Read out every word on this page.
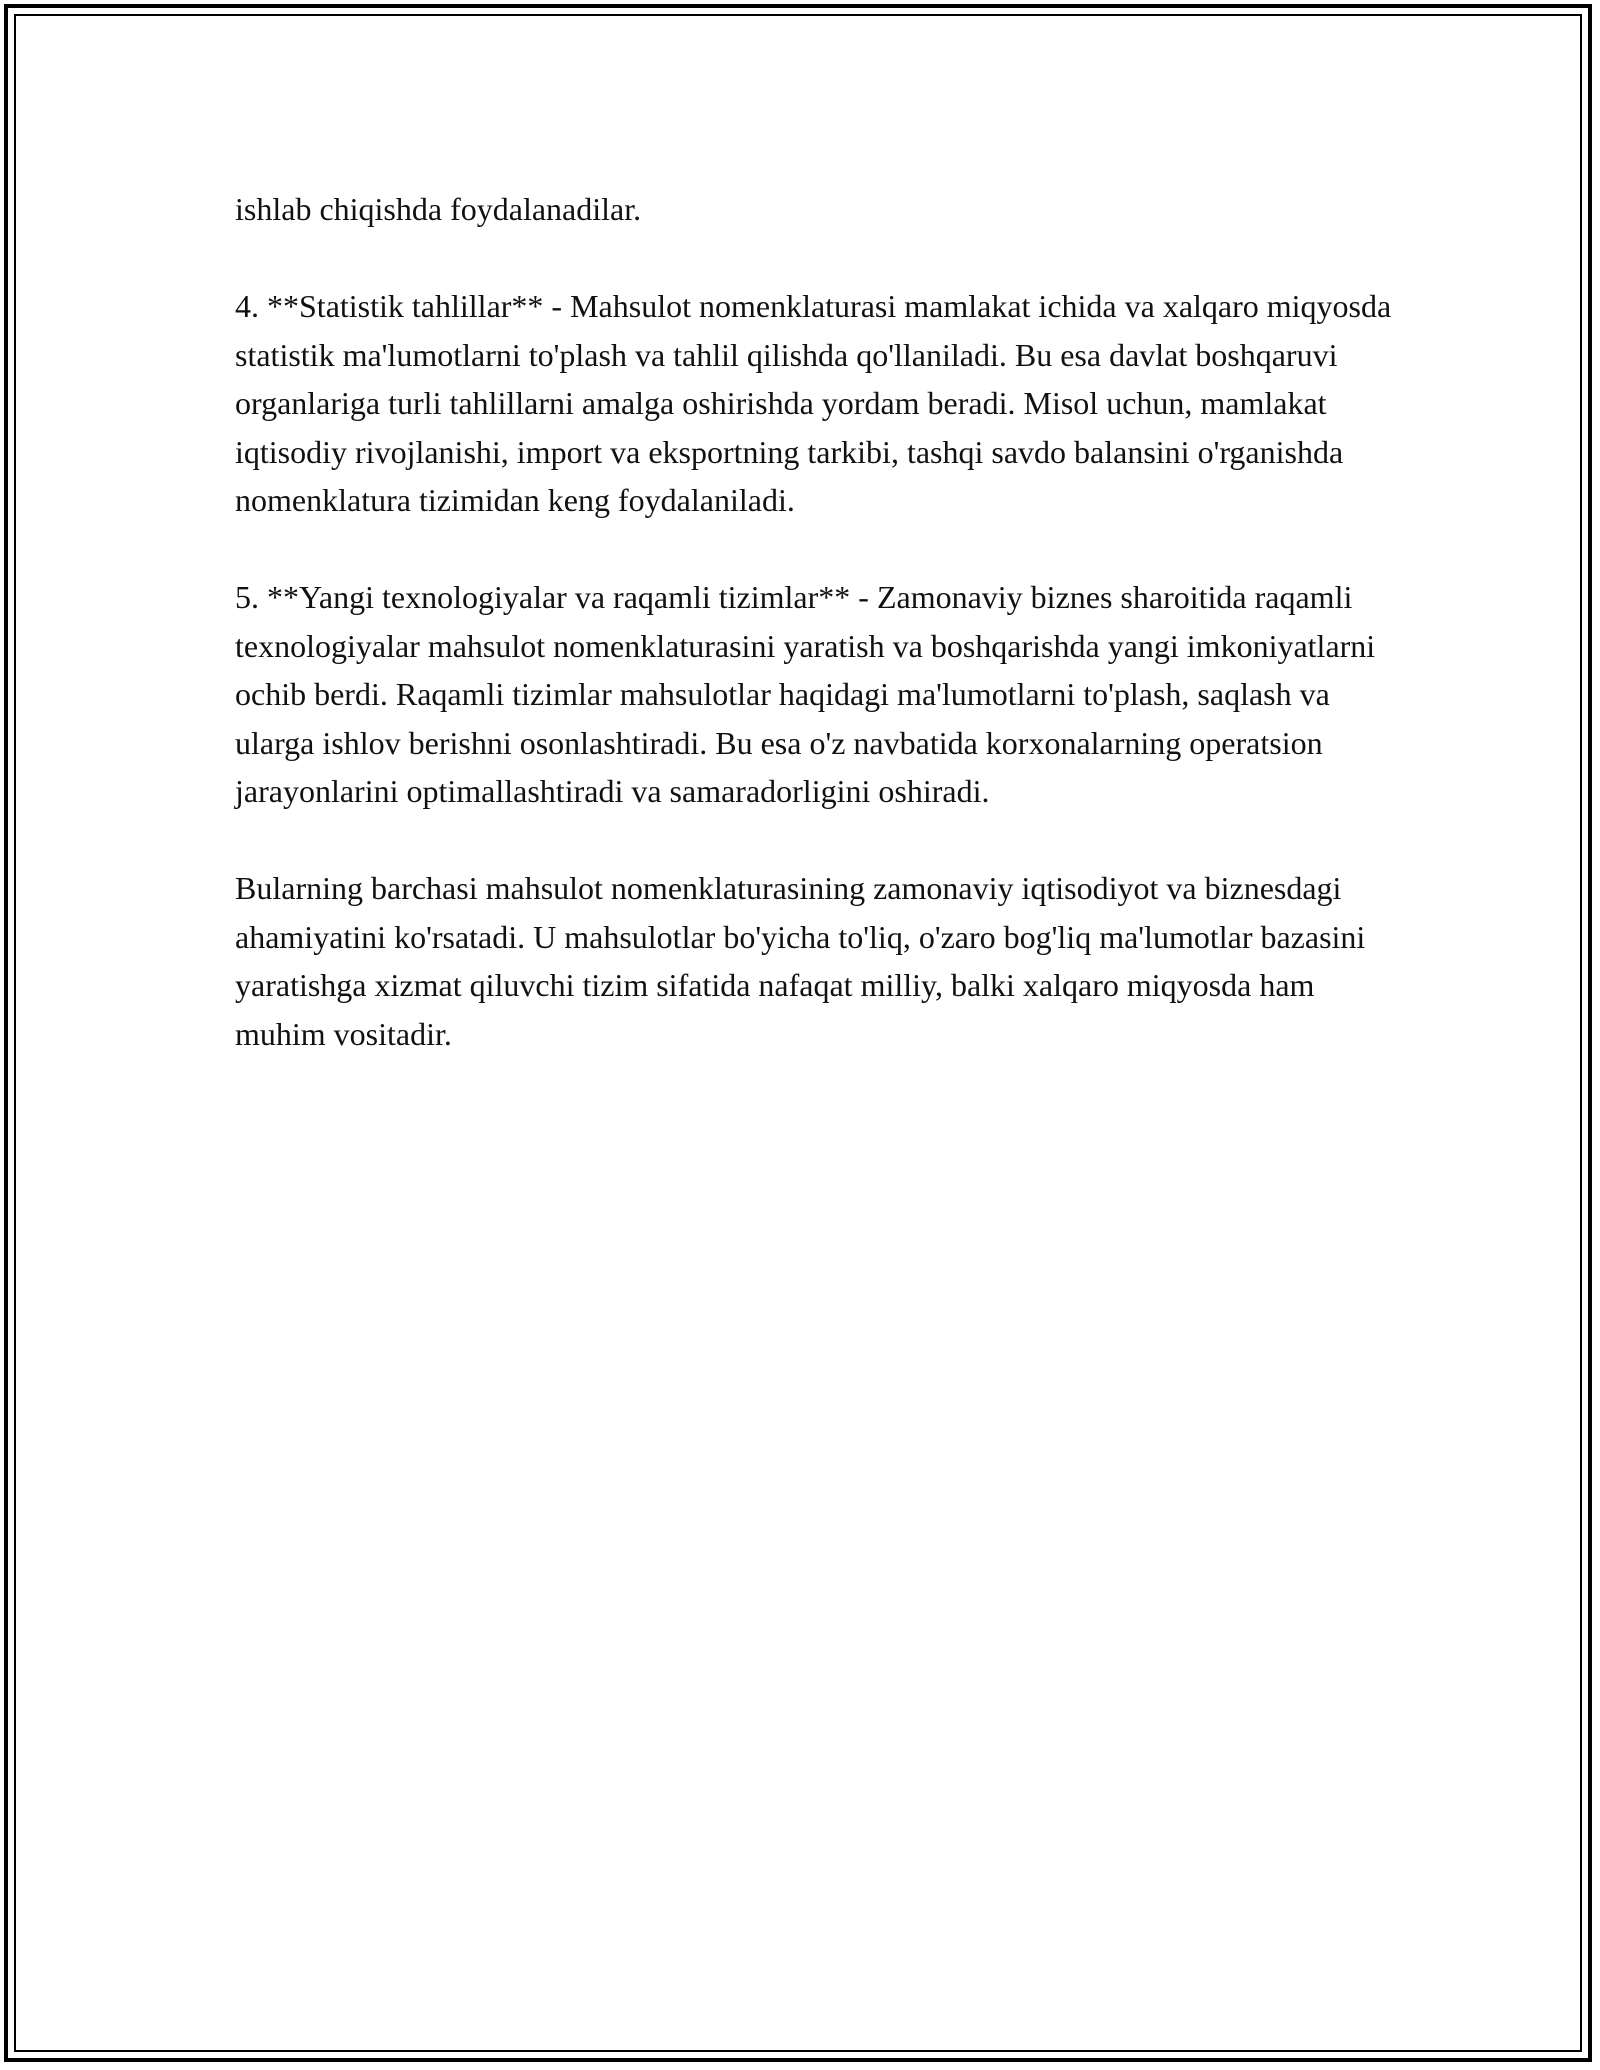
ishlab chiqishda foydalanadilar.

4. **Statistik tahlillar** - Mahsulot nomenklaturasi mamlakat ichida va xalqaro miqyosda statistik ma'lumotlarni to'plash va tahlil qilishda qo'llaniladi. Bu esa davlat boshqaruvi organlariga turli tahlillarni amalga oshirishda yordam beradi. Misol uchun, mamlakat iqtisodiy rivojlanishi, import va eksportning tarkibi, tashqi savdo balansini o'rganishda nomenklatura tizimidan keng foydalaniladi.

5. **Yangi texnologiyalar va raqamli tizimlar** - Zamonaviy biznes sharoitida raqamli texnologiyalar mahsulot nomenklaturasini yaratish va boshqarishda yangi imkoniyatlarni ochib berdi. Raqamli tizimlar mahsulotlar haqidagi ma'lumotlarni to'plash, saqlash va ularga ishlov berishni osonlashtiradi. Bu esa o'z navbatida korxonalarning operatsion jarayonlarini optimallashtiradi va samaradorligini oshiradi.

Bularning barchasi mahsulot nomenklaturasining zamonaviy iqtisodiyot va biznesdagi ahamiyatini ko'rsatadi. U mahsulotlar bo'yicha to'liq, o'zaro bog'liq ma'lumotlar bazasini yaratishga xizmat qiluvchi tizim sifatida nafaqat milliy, balki xalqaro miqyosda ham muhim vositadir.
